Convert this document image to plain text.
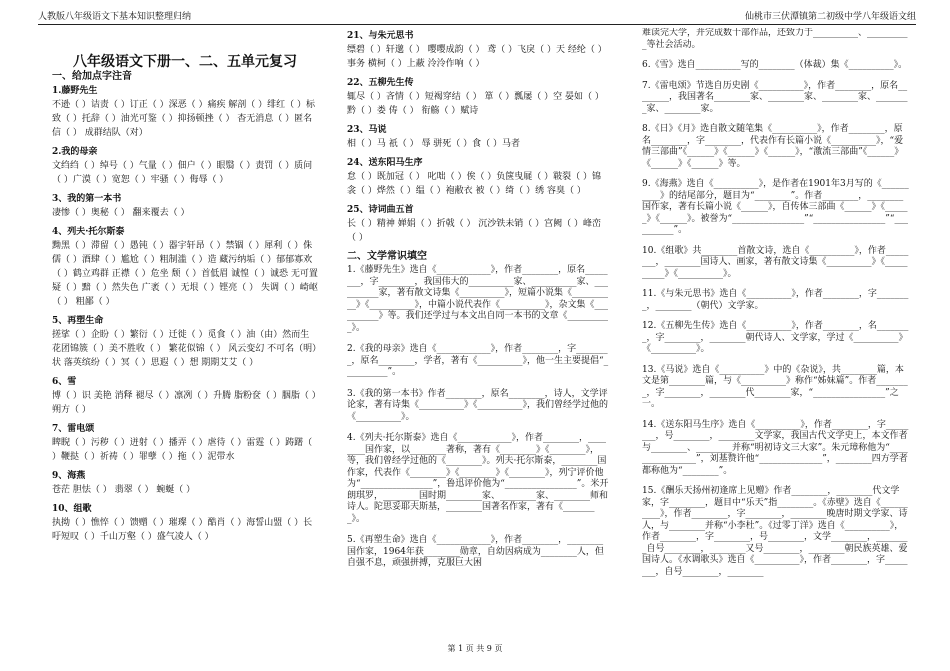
人教版八年级语文下基本知识整理归纳	仙桃市三伏潭镇第二初级中学八年级语文组
八年级语文下册一、二、五单元复习
一、给加点字注音
1.藤野先生
不逊（ ）诘责（ ）订正（ ）深恶（ ）痛疾 解剖（ ）绯红（ ）标致（ ）托辞（ ）油光可鉴（ ）抑扬顿挫（ ） 杳无消息（ ）匿名信（ ） 成群结队（对）
2.我的母亲
文绉绉（ ）绰号（ ）气量（ ）佃户（ ）眼翳（ ）责罚（ ）质问（ ）广漠（ ）宽恕（ ）牢骚（ ）侮辱（ ）
3、我的第一本书
凄惨（ ）奥秘（ ） 翻来覆去（ ）
4、列夫·托尔斯泰
黝黑（ ）滞留（ ）愚钝（ ）器宇轩昂（ ）禁锢（ ）犀利（ ）侏儒（ ）酒肆（ ）尴尬（ ）粗制滥（ ）造 藏污纳垢（ ）郁郁寡欢（ ）鹤立鸡群 正襟（ ）危坐 颓（ ）首低眉 诚惶（ ）诚恐 无可置疑（ ）黯（ ）然失色 广袤（ ）无垠（ ）铿亮（ ） 失调（ ）崎岖（ ） 粗鄙（ ）
5、再塑生命
搓挲（ ）企盼（ ）繁衍（ ）迁徙（ ）觅食（ ）油（由）然而生 花团锦簇（ ）美不胜收（ ） 繁花似锦（ ） 风云变幻 不可名（明）状 落英缤纷（ ）冥（ ）思遐（ ）想 期期艾艾（ ）
6、雪
博（ ）识 美艳 消释 褪尽（ ）凛冽（ ）升腾 脂粉奁（ ）胭脂（ ）朔方（ ）
7、雷电颂
睥睨（ ）污秽（ ）迸射（ ）播弄（ ）虐待（ ）雷霆（ ）踌躇（ ）鞭挞（ ）祈祷（ ）罪孽（ ）拖（ ）泥带水
9、海燕
苍茫 胆怯（ ） 翡翠（ ） 蜿蜒（ ）
10、组歌
执拗（ ）憔悴（ ）馈赠（ ）璀璨（ ）酷肖（ ）海誓山盟（ ）长吁短叹（ ）千山万壑（ ）盛气凌人（ ）
21、与朱元思书
缥碧（ ）轩邈（ ） 嘤嘤成韵（ ） 鸢（ ）飞戾（ ）天 经纶（ ）事务 横柯（ ）上蔽 泠泠作响（ ）
22、五柳先生传
辄尽（ ）吝情（ ）短褐穿结（ ） 箪（ ）瓢屡（ ）空 晏如（ ）黔（ ）娄 俦（ ） 衔觞（ ）赋诗
23、马说
相（ ）马 祇（ ） 辱 骈死（ ）食（ ）马者
24、送东阳马生序
怠（ ）既加冠（ ） 叱咄（ ）俟（ ）负箧曳屣（ ）皲裂（ ）锦衾（ ）烨然（ ）缊（ ）袍敝衣 被（ ）绮（ ）绣 容臭（ ）
25、诗词曲五首
长（ ）精神 婵娟（ ）折戟（ ） 沉沙铁未销（ ）宫阙（ ）峰峦（ ）
二、文学常识填空
1.《藤野先生》选自《____________》，作者________，原名________，字________，我国伟大的__________家、__________家、__________家，著有散文诗集《__________》，短篇小说集《__________》《__________》，中篇小说代表作《__________》，杂文集《__________》等。我们还学过与本文出自同一本书的文章《__________》。
2.《我的母亲》选自《____________》，作者________，字________，原名________，学者，著有《__________》，他一生主要提倡“__________”。
3.《我的第一本书》作者________，原名________，诗人，文学评论家，著有诗集《__________》《__________》，我们曾经学过他的《__________》。
4.《列夫·托尔斯泰》选自《____________》，作者________，________国作家，以________著称，著有《________》《________》，等，我们曾经学过他的《________》。列夫·托尔斯泰，________国作家，代表作《________》《________》《________》，列宁评价他为“________________”，鲁迅评价他为“________________”。米开朗琪罗，________国时期________家、________家、________师和诗人。陀思妥耶夫斯基，________国著名作家，著有《________》。
5.《再塑生命》选自《____________》，作者________，________国作家，1964年获________勋章，自幼因病成为________人，但自强不息，顽强拼搏，克服巨大困
难读完大学，并完成数十部作品，还致力于__________、__________等社会活动。
6.《雪》选自__________写的________（体裁）集《__________》。
7.《雷电颂》节选自历史剧《__________》，作者________，原名________，我国著名________家、________家、________家、________家、________家。
8.《日》《月》选自散文随笔集《__________》，作者________，原名________，字________，代表作有长篇小说《__________》，“爱情三部曲”《______》《______》《______》，“激流三部曲”《______》《______》《______》等。
9.《海燕》选自《__________》，是作者在1901年3月写的《__________》的结尾部分，题目为“________”。作者________，________国作家，著有长篇小说《______》，自传体三部曲《______》《______》《______》。被誉为“________________”“________________”“__________”。
10.《组歌》共________首散文诗，选自《__________》，作者________，________国诗人、画家，著有散文诗集《__________》《__________》《__________》。
11.《与朱元思书》选自《__________》，作者________，字________，________（朝代）文学家。
12.《五柳先生传》选自《__________》，作者________，名________，字________，________朝代诗人、文学家，学过《__________》《__________》。
13.《马说》选自《__________》中的《杂说》，共________篇，本文是第________篇，与《__________》称作“姊妹篇”。作者________，字________，________代________家，“________________”之一。
14.《送东阳马生序》选自《__________》，作者________，字________，号________，________文学家，我国古代文学史上，本文作者与________、________并称“明初诗文三大家”。朱元璋称他为“________________”，刘基赞许他“______________”，________四方学者都称他为“________”。
15.《酬乐天扬州初逢席上见赠》作者________，________代文学家，字________，题目中“乐天”指________。《赤壁》选自《__________》，作者________，字________，________晚唐时期文学家、诗人，与________并称“小李杜”。《过零丁洋》选自《__________》，作者________，字________，号________，文学________，________自号________，________又号________，________朝民族英雄、爱国诗人。《水调歌头》选自《__________》，作者________，字________，自号________，________
第 1 页 共 9 页
